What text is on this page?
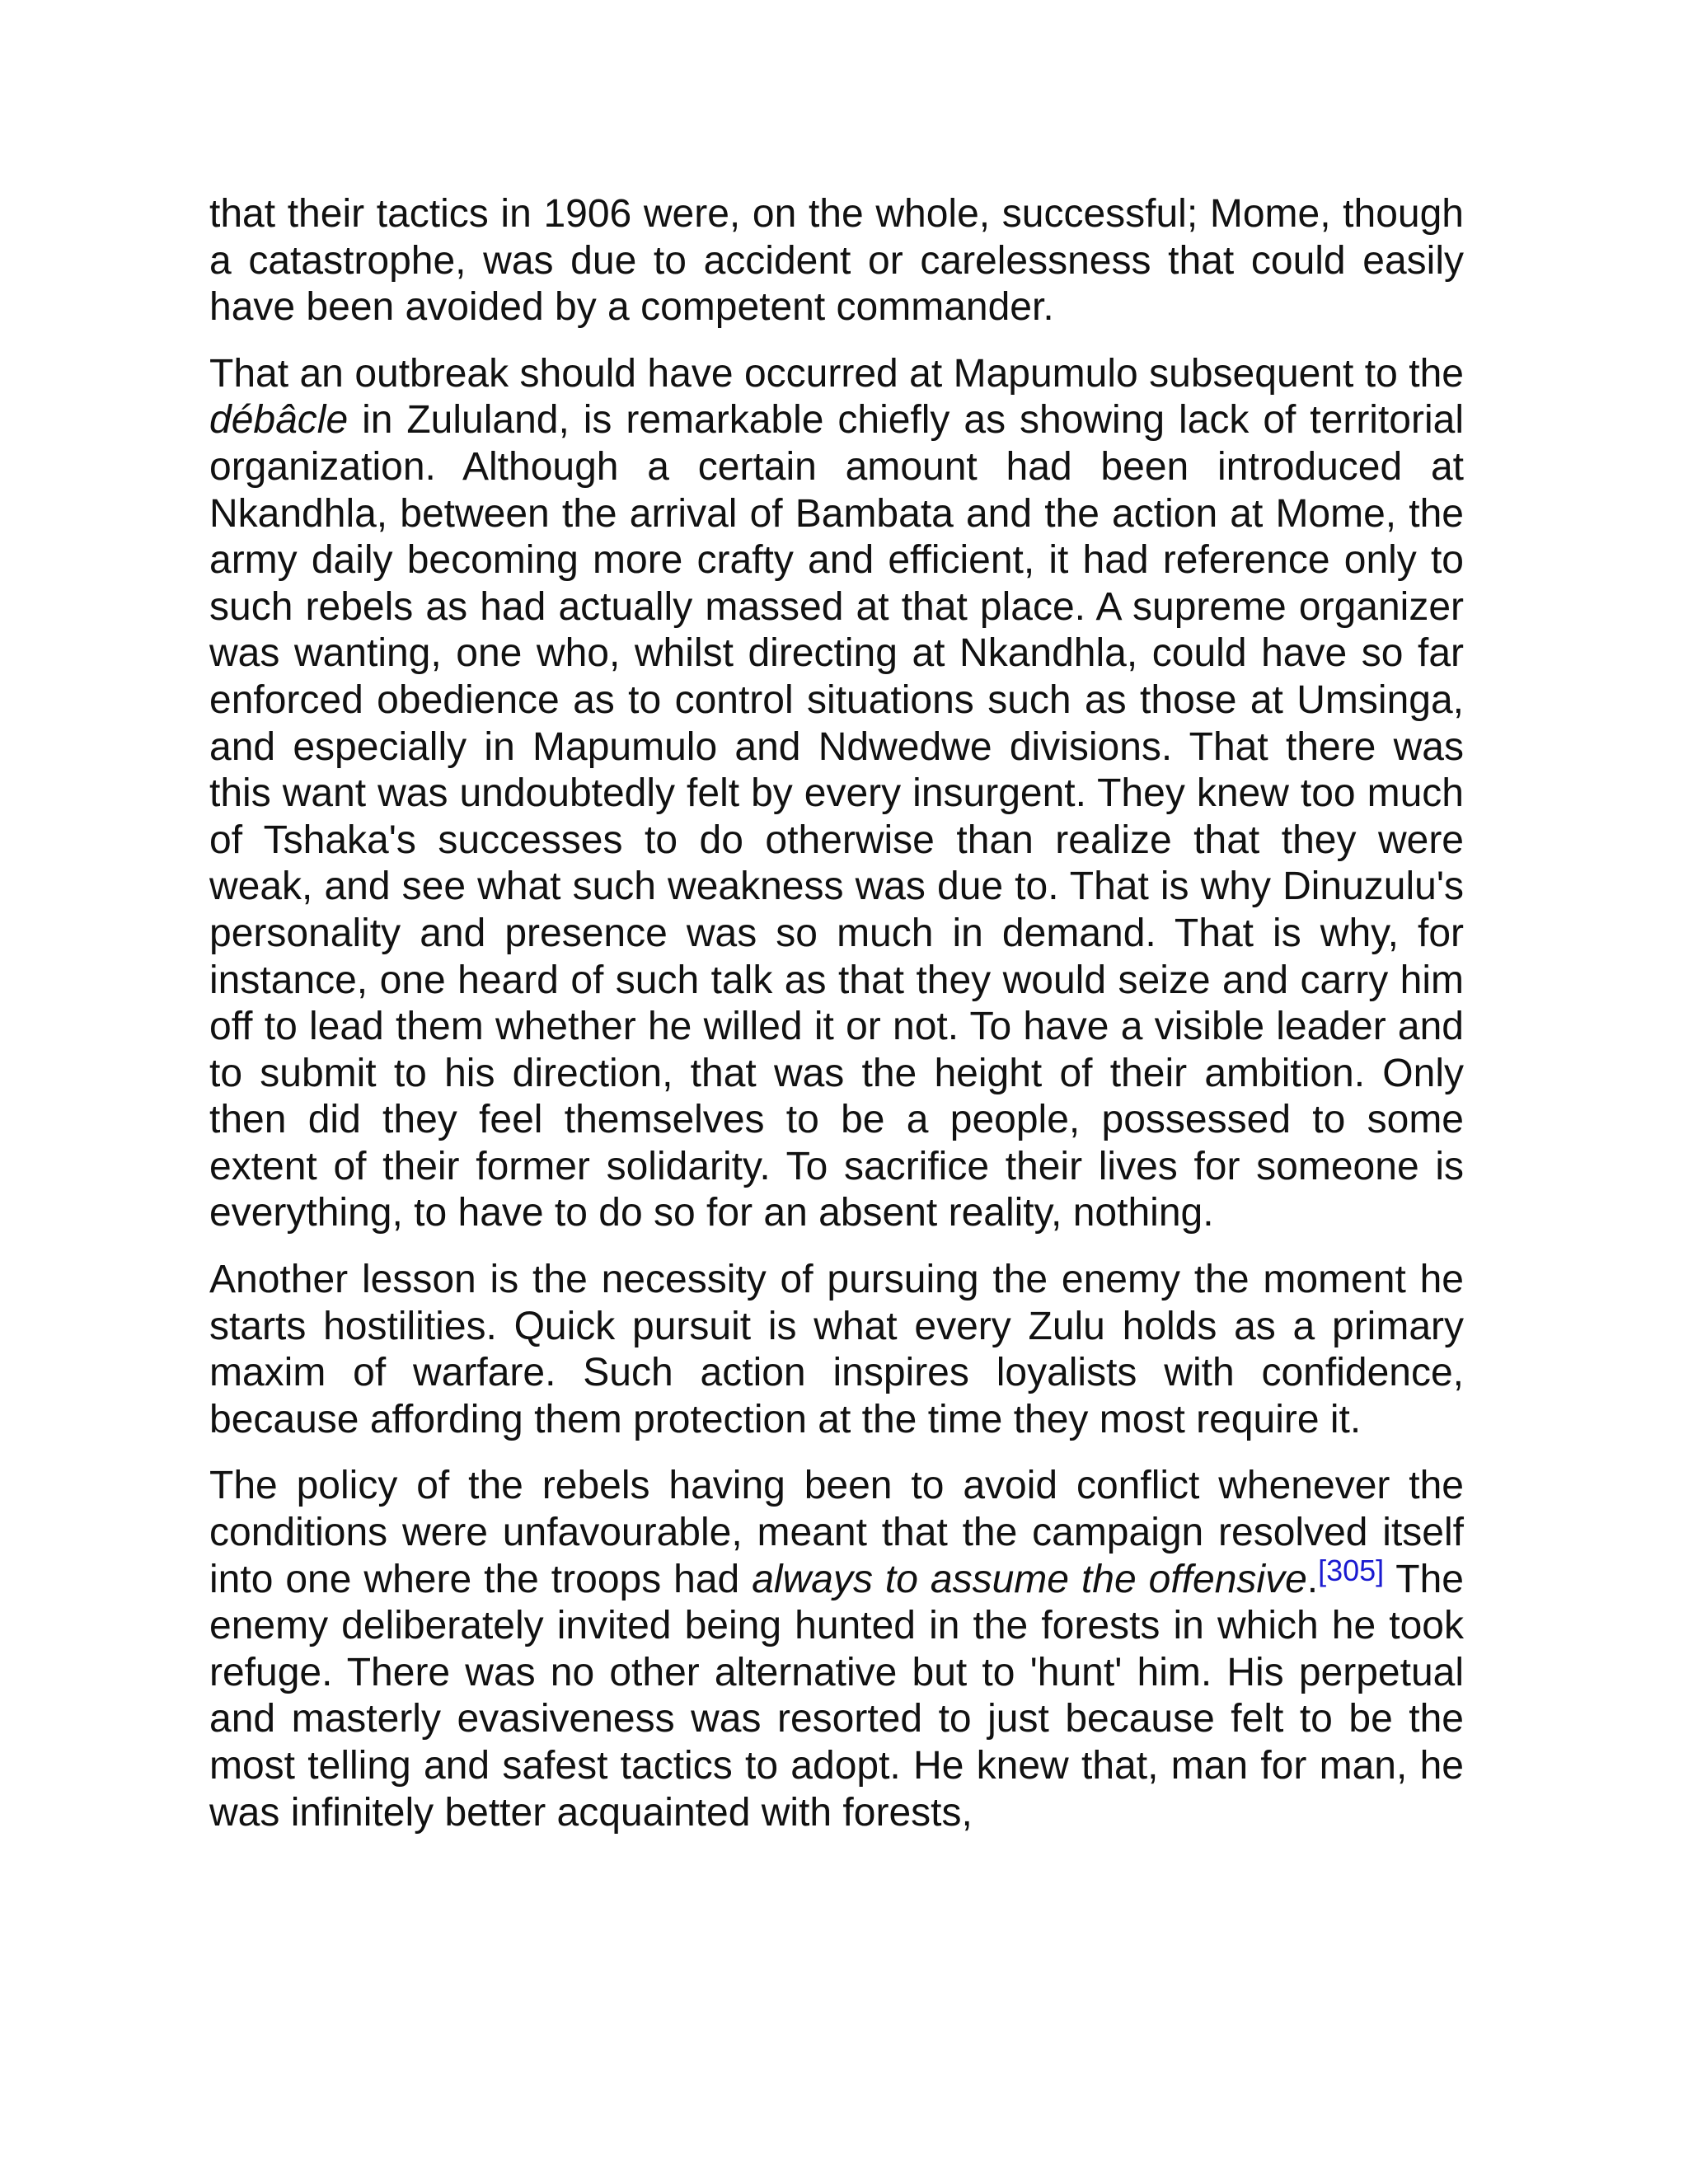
that their tactics in 1906 were, on the whole, successful; Mome, though a catastrophe, was due to accident or carelessness that could easily have been avoided by a competent commander.

That an outbreak should have occurred at Mapumulo subsequent to the débâcle in Zululand, is remarkable chiefly as showing lack of territorial organization. Although a certain amount had been introduced at Nkandhla, between the arrival of Bambata and the action at Mome, the army daily becoming more crafty and efficient, it had reference only to such rebels as had actually massed at that place. A supreme organizer was wanting, one who, whilst directing at Nkandhla, could have so far enforced obedience as to control situations such as those at Umsinga, and especially in Mapumulo and Ndwedwe divisions. That there was this want was undoubtedly felt by every insurgent. They knew too much of Tshaka's successes to do otherwise than realize that they were weak, and see what such weakness was due to. That is why Dinuzulu's personality and presence was so much in demand. That is why, for instance, one heard of such talk as that they would seize and carry him off to lead them whether he willed it or not. To have a visible leader and to submit to his direction, that was the height of their ambition. Only then did they feel themselves to be a people, possessed to some extent of their former solidarity. To sacrifice their lives for someone is everything, to have to do so for an absent reality, nothing.

Another lesson is the necessity of pursuing the enemy the moment he starts hostilities. Quick pursuit is what every Zulu holds as a primary maxim of warfare. Such action inspires loyalists with confidence, because affording them protection at the time they most require it.

The policy of the rebels having been to avoid conflict whenever the conditions were unfavourable, meant that the campaign resolved itself into one where the troops had always to assume the offensive.[305] The enemy deliberately invited being hunted in the forests in which he took refuge. There was no other alternative but to 'hunt' him. His perpetual and masterly evasiveness was resorted to just because felt to be the most telling and safest tactics to adopt. He knew that, man for man, he was infinitely better acquainted with forests,
